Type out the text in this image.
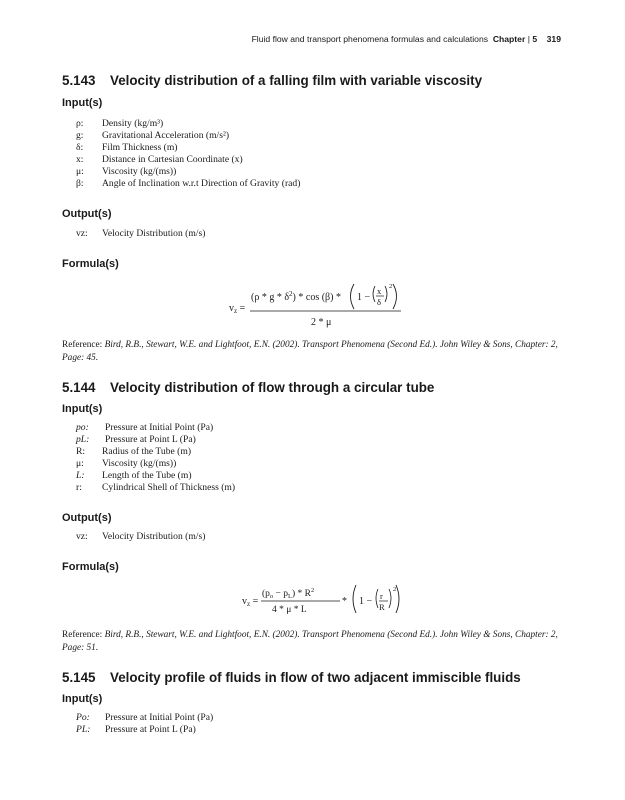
Fluid flow and transport phenomena formulas and calculations Chapter | 5 319
5.143 Velocity distribution of a falling film with variable viscosity
Input(s)
ρ: Density (kg/m³)
g: Gravitational Acceleration (m/s²)
δ: Film Thickness (m)
x: Distance in Cartesian Coordinate (x)
μ: Viscosity (kg/(ms))
β: Angle of Inclination w.r.t Direction of Gravity (rad)
Output(s)
vz: Velocity Distribution (m/s)
Formula(s)
$v_z$ =
(ρ * g * $\delta^2$) * cos (β) * 1 −
x
δ
2
2 * μ
Reference: Bird, R.B., Stewart, W.E. and Lightfoot, E.N. (2002). Transport Phenomena (Second Ed.). John Wiley & Sons, Chapter: 2, Page: 45.
5.144 Velocity distribution of flow through a circular tube
Input(s)
po: Pressure at Initial Point (Pa)
pL: Pressure at Point L (Pa)
R: Radius of the Tube (m)
μ: Viscosity (kg/(ms))
L: Length of the Tube (m)
r: Cylindrical Shell of Thickness (m)
Output(s)
vz: Velocity Distribution (m/s)
Formula(s)
$v_z$ =
$(p_o - p_L) * R^2$
4 * μ * L
* 1 − r
R
2
Reference: Bird, R.B., Stewart, W.E. and Lightfoot, E.N. (2002). Transport Phenomena (Second Ed.). John Wiley & Sons, Chapter: 2, Page: 51.
5.145 Velocity profile of fluids in flow of two adjacent immiscible fluids
Input(s)
Po: Pressure at Initial Point (Pa)
PL: Pressure at Point L (Pa)
